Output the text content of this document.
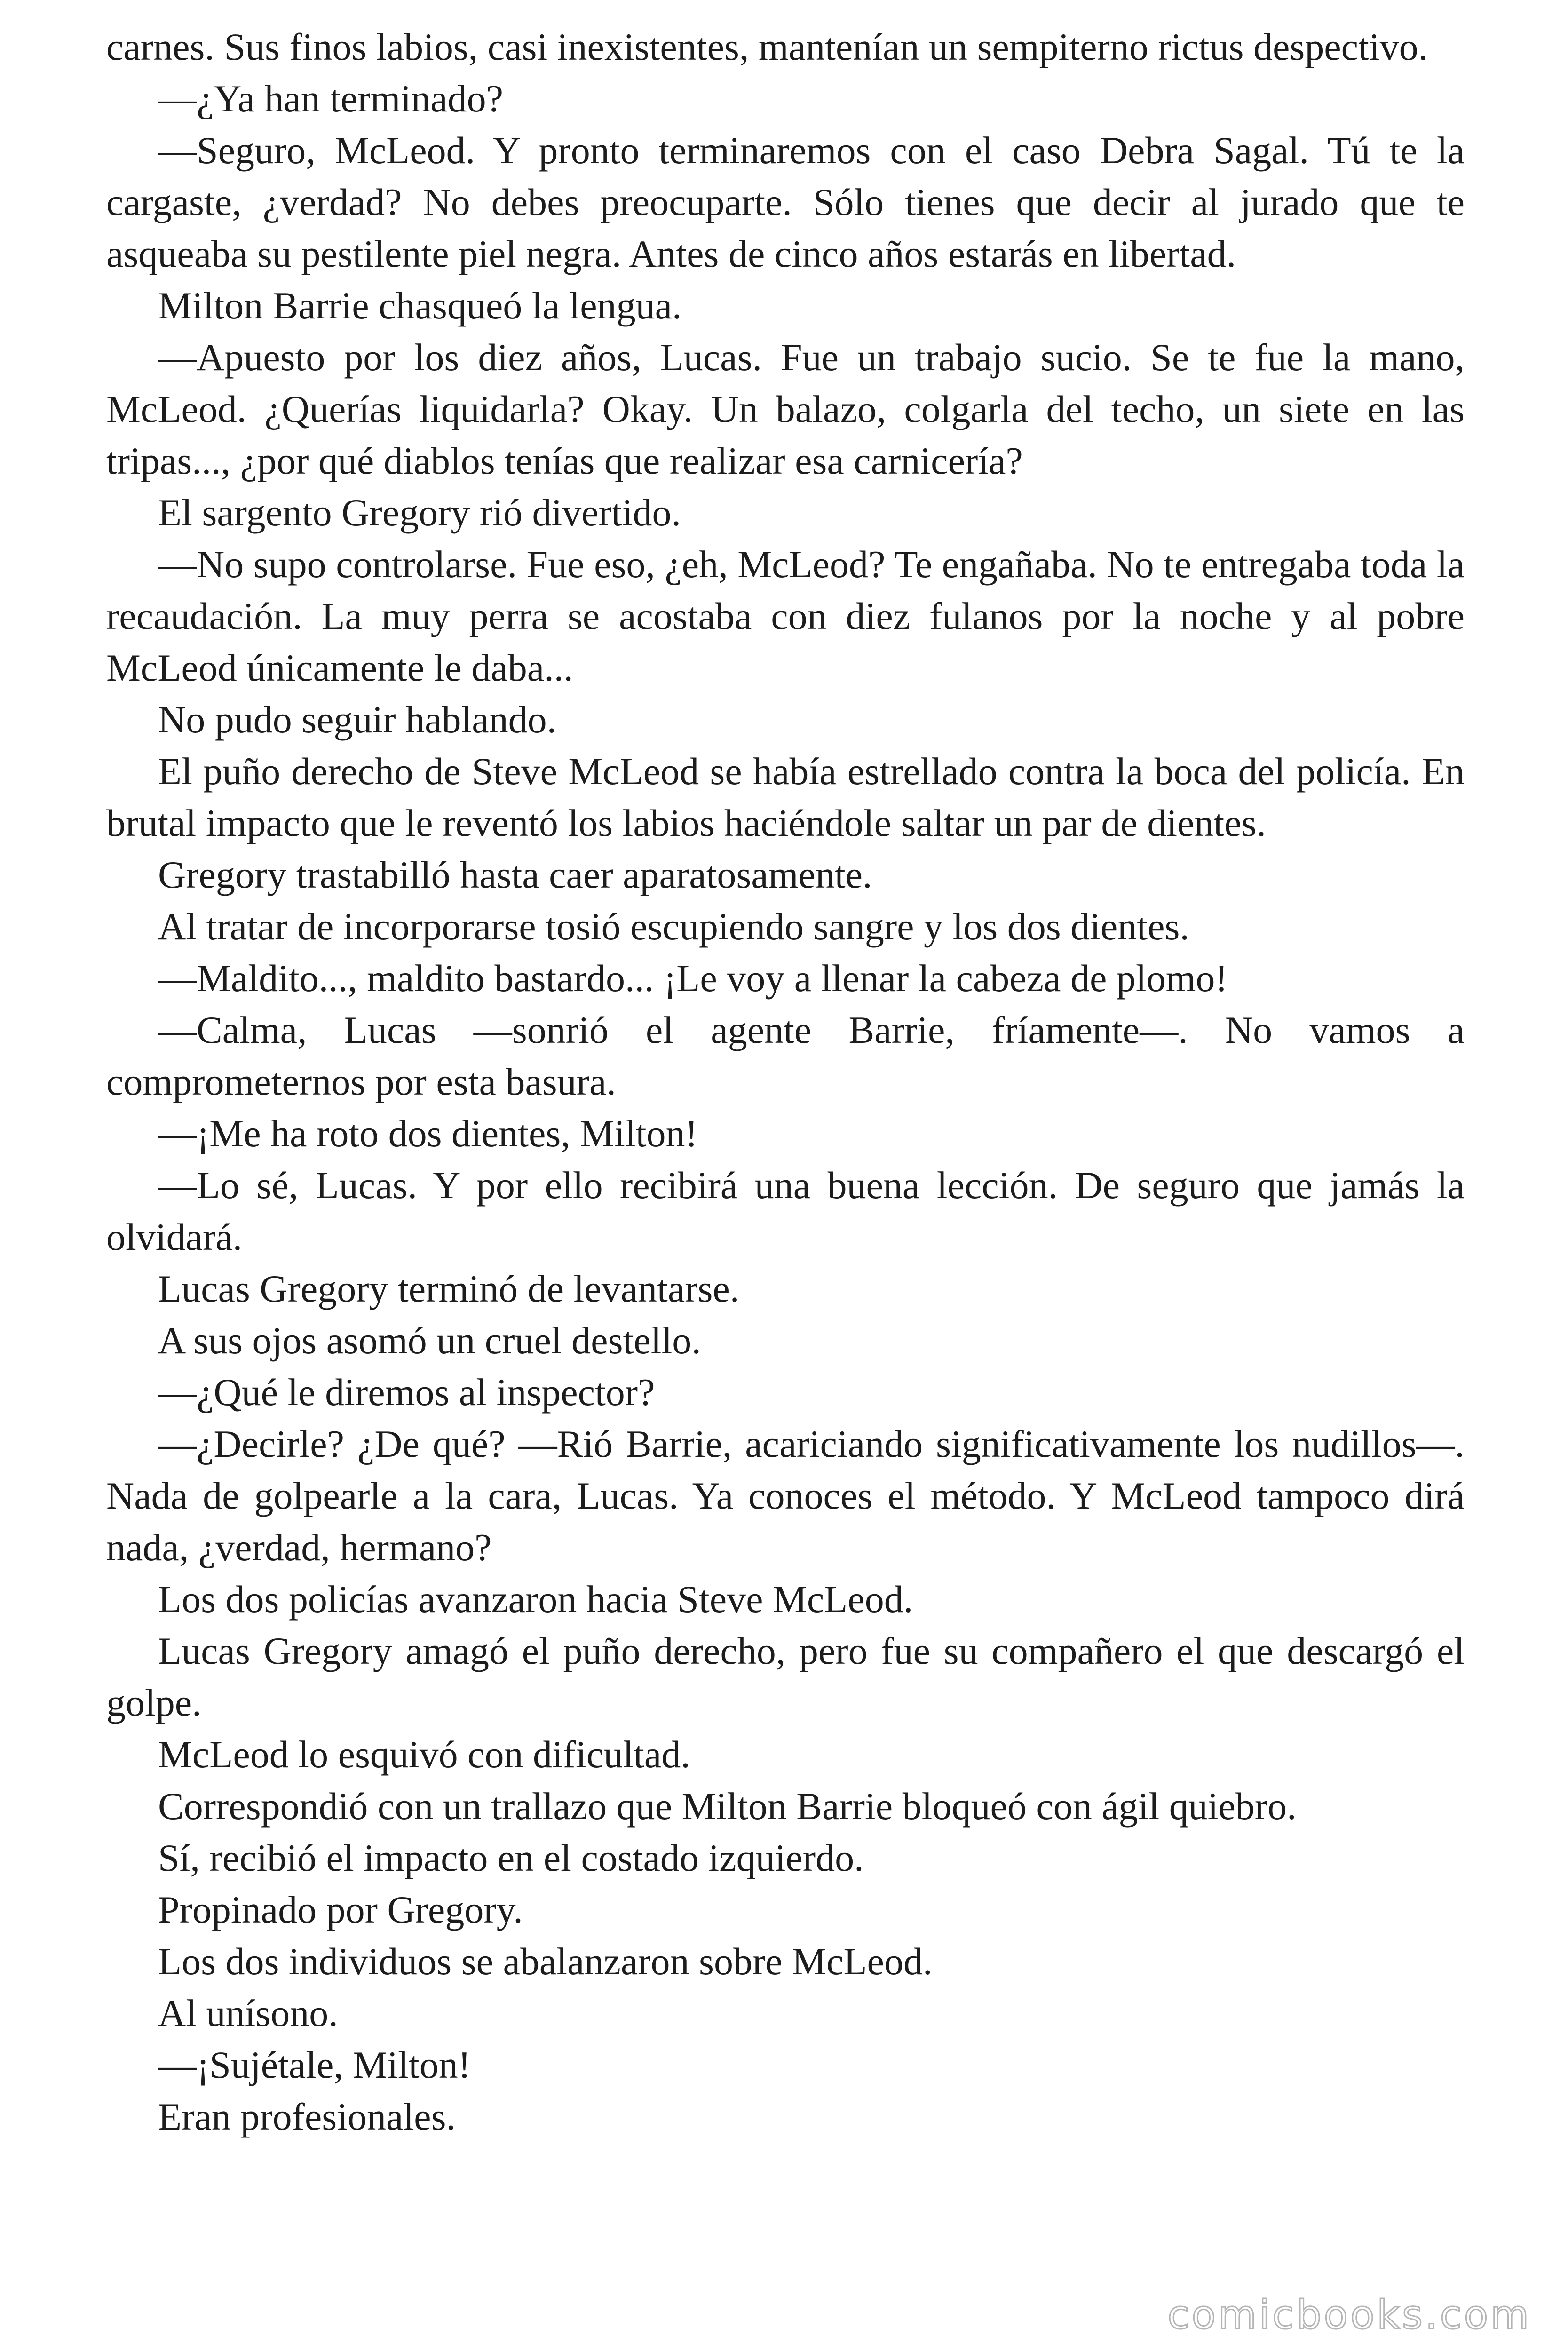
carnes. Sus finos labios, casi inexistentes, mantenían un sempiterno rictus despectivo.

—¿Ya han terminado?

—Seguro, McLeod. Y pronto terminaremos con el caso Debra Sagal. Tú te la cargaste, ¿verdad? No debes preocuparte. Sólo tienes que decir al jurado que te asqueaba su pestilente piel negra. Antes de cinco años estarás en libertad.

Milton Barrie chasqueó la lengua.

—Apuesto por los diez años, Lucas. Fue un trabajo sucio. Se te fue la mano, McLeod. ¿Querías liquidarla? Okay. Un balazo, colgarla del techo, un siete en las tripas..., ¿por qué diablos tenías que realizar esa carnicería?

El sargento Gregory rió divertido.

—No supo controlarse. Fue eso, ¿eh, McLeod? Te engañaba. No te entregaba toda la recaudación. La muy perra se acostaba con diez fulanos por la noche y al pobre McLeod únicamente le daba...

No pudo seguir hablando.

El puño derecho de Steve McLeod se había estrellado contra la boca del policía. En brutal impacto que le reventó los labios haciéndole saltar un par de dientes.

Gregory trastabilló hasta caer aparatosamente.

Al tratar de incorporarse tosió escupiendo sangre y los dos dientes.

—Maldito..., maldito bastardo... ¡Le voy a llenar la cabeza de plomo!

—Calma, Lucas —sonrió el agente Barrie, fríamente—. No vamos a comprometernos por esta basura.

—¡Me ha roto dos dientes, Milton!

—Lo sé, Lucas. Y por ello recibirá una buena lección. De seguro que jamás la olvidará.

Lucas Gregory terminó de levantarse.

A sus ojos asomó un cruel destello.

—¿Qué le diremos al inspector?

—¿Decirle? ¿De qué? —Rió Barrie, acariciando significativamente los nudillos—. Nada de golpearle a la cara, Lucas. Ya conoces el método. Y McLeod tampoco dirá nada, ¿verdad, hermano?

Los dos policías avanzaron hacia Steve McLeod.

Lucas Gregory amagó el puño derecho, pero fue su compañero el que descargó el golpe.

McLeod lo esquivó con dificultad.

Correspondió con un trallazo que Milton Barrie bloqueó con ágil quiebro.

Sí, recibió el impacto en el costado izquierdo.

Propinado por Gregory.

Los dos individuos se abalanzaron sobre McLeod.

Al unísono.

—¡Sujétale, Milton!

Eran profesionales.

comicbooks.com
